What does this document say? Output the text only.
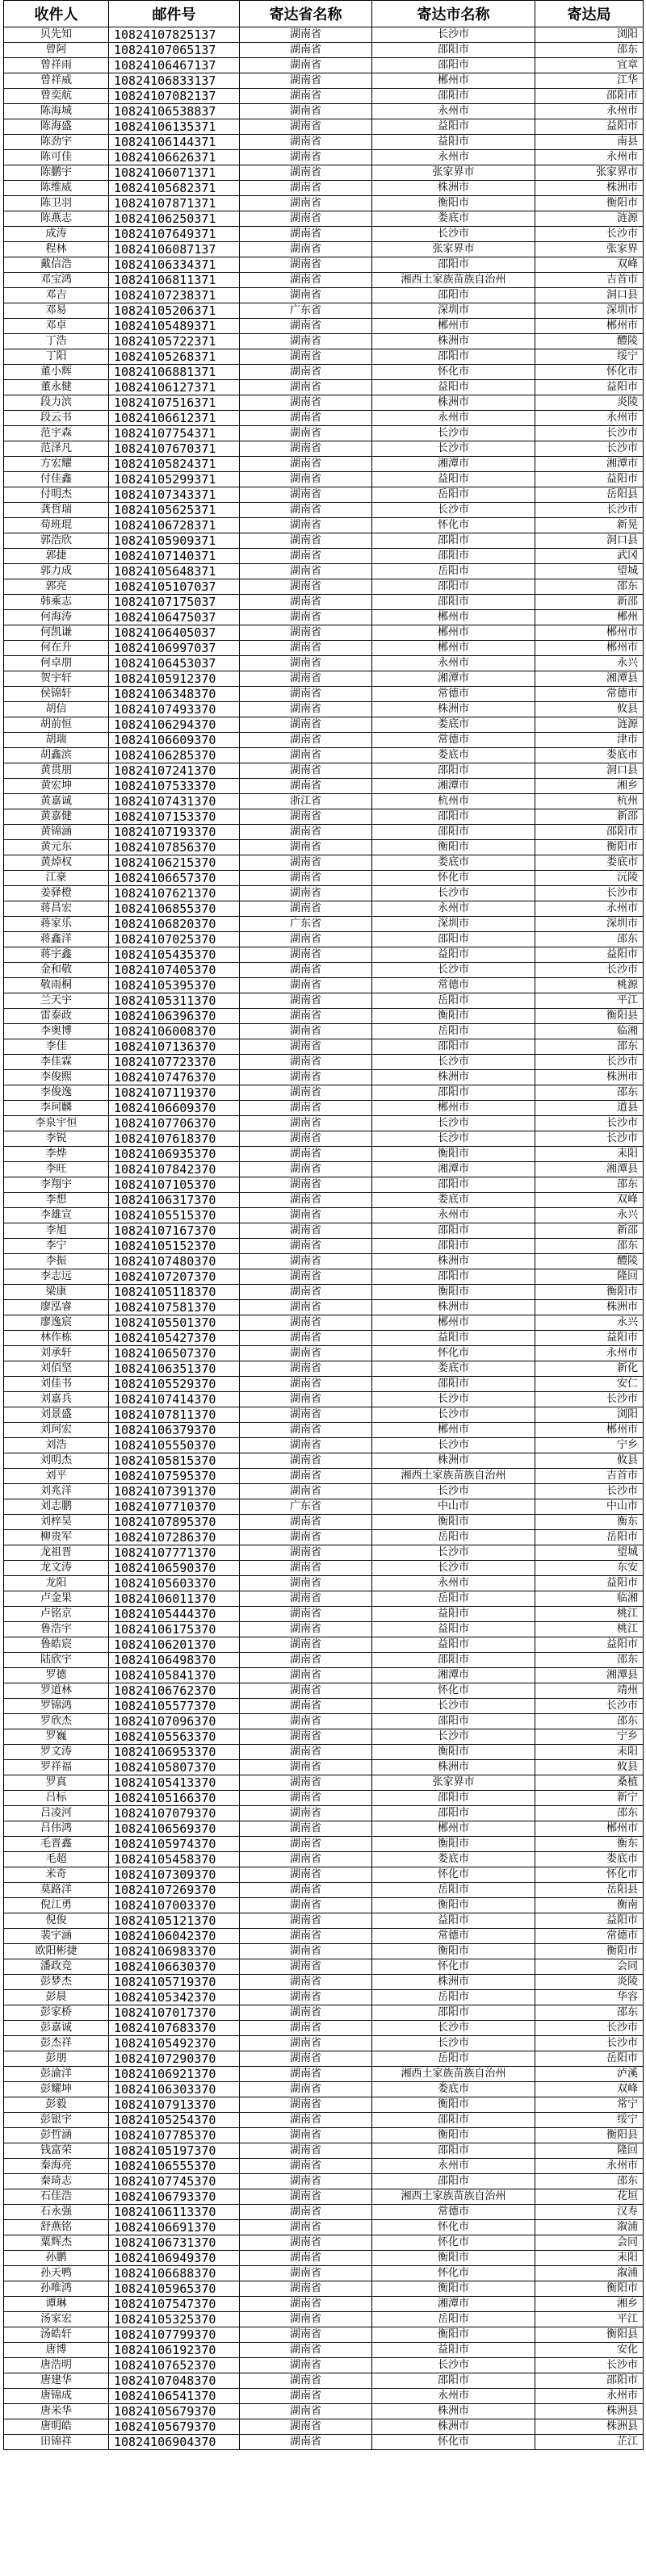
收件人	邮件号	寄达省名称	寄达市名称	寄达局
贝先知	10824107825137	湖南省	长沙市	浏阳
曾阿	10824107065137	湖南省	邵阳市	邵东
曾祥雨	10824106467137	湖南省	邵阳市	宜章
曾祥威	10824106833137	湖南省	郴州市	江华
曾奕航	10824107082137	湖南省	邵阳市	邵阳市
陈海城	10824106538837	湖南省	永州市	永州市
陈海盛	10824106135371	湖南省	益阳市	益阳市
陈劲宇	10824106144371	湖南省	益阳市	南县
陈可佳	10824106626371	湖南省	永州市	永州市
陈鹏宇	10824106071371	湖南省	张家界市	张家界市
陈维威	10824105682371	湖南省	株洲市	株洲市
陈卫羽	10824107871371	湖南省	衡阳市	衡阳市
陈燕志	10824106250371	湖南省	娄底市	涟源
成涛	10824107649371	湖南省	长沙市	长沙市
程林	10824106087137	湖南省	张家界市	张家界
戴信浩	10824106334371	湖南省	邵阳市	双峰
邓宝鸿	10824106811371	湖南省	湘西土家族苗族自治州	吉首市
邓吉	10824107238371	湖南省	邵阳市	洞口县
邓易	10824105206371	广东省	深圳市	深圳市
邓卓	10824105489371	湖南省	郴州市	郴州市
丁浩	10824105722371	湖南省	株洲市	醴陵
丁阳	10824105268371	湖南省	邵阳市	绥宁
董小辉	10824106881371	湖南省	怀化市	怀化市
董永健	10824106127371	湖南省	益阳市	益阳市
段力滨	10824107516371	湖南省	株洲市	炎陵
段云书	10824106612371	湖南省	永州市	永州市
范宇森	10824107754371	湖南省	长沙市	长沙市
范泽凡	10824107670371	湖南省	长沙市	长沙市
方宏耀	10824105824371	湖南省	湘潭市	湘潭市
付佳鑫	10824105299371	湖南省	益阳市	益阳市
付明杰	10824107343371	湖南省	岳阳市	岳阳县
龚哲瑞	10824105625371	湖南省	长沙市	长沙市
苟班琨	10824106728371	湖南省	怀化市	新晃
郭浩欣	10824105909371	湖南省	邵阳市	洞口县
郭捷	10824107140371	湖南省	邵阳市	武冈
郭力成	10824105648371	湖南省	岳阳市	望城
郭亮	10824105107037	湖南省	邵阳市	邵东
韩乘志	10824107175037	湖南省	邵阳市	新邵
何海涛	10824106475037	湖南省	郴州市	郴州
何凯谦	10824106405037	湖南省	郴州市	郴州市
何在升	10824106997037	湖南省	郴州市	郴州市
何卓朋	10824106453037	湖南省	永州市	永兴
贺宇轩	10824105912370	湖南省	湘潭市	湘潭县
侯锦轩	10824106348370	湖南省	常德市	常德市
胡信	10824107493370	湖南省	株洲市	攸县
胡前恒	10824106294370	湖南省	娄底市	涟源
胡瑞	10824106609370	湖南省	常德市	津市
胡鑫滨	10824106285370	湖南省	娄底市	娄底市
黄贯朋	10824107241370	湖南省	邵阳市	洞口县
黄宏坤	10824107533370	湖南省	湘潭市	湘乡
黄嘉诚	10824107431370	浙江省	杭州市	杭州
黄嘉健	10824107153370	湖南省	邵阳市	新邵
黄锦涵	10824107193370	湖南省	邵阳市	邵阳市
黄元东	10824107856370	湖南省	衡阳市	衡阳市
黄焯权	10824106215370	湖南省	娄底市	娄底市
江豪	10824106657370	湖南省	怀化市	沅陵
姜驿橙	10824107621370	湖南省	长沙市	长沙市
蒋昌宏	10824106855370	湖南省	永州市	永州市
蒋家乐	10824106820370	广东省	深圳市	深圳市
蒋鑫洋	10824107025370	湖南省	邵阳市	邵东
蒋宇鑫	10824105435370	湖南省	益阳市	益阳市
金和敬	10824107405370	湖南省	长沙市	长沙市
敬雨桐	10824105395370	湖南省	常德市	桃源
兰天宇	10824105311370	湖南省	岳阳市	平江
雷泰政	10824106396370	湖南省	衡阳市	衡阳县
李奥博	10824106008370	湖南省	岳阳市	临湘
李佳	10824107136370	湖南省	邵阳市	邵东
李佳霖	10824107723370	湖南省	长沙市	长沙市
李俊熙	10824107476370	湖南省	株洲市	株洲市
李俊逸	10824107119370	湖南省	邵阳市	邵东
李珂麟	10824106609370	湖南省	郴州市	道县
李泉宇恒	10824107706370	湖南省	长沙市	长沙市
李锐	10824107618370	湖南省	长沙市	长沙市
李烨	10824106935370	湖南省	衡阳市	耒阳
李旺	10824107842370	湖南省	湘潭市	湘潭县
李翔宇	10824107105370	湖南省	邵阳市	邵东
李想	10824106317370	湖南省	娄底市	双峰
李雄宣	10824105515370	湖南省	永州市	永兴
李旭	10824107167370	湖南省	邵阳市	新邵
李宁	10824105152370	湖南省	邵阳市	邵东
李振	10824107480370	湖南省	株洲市	醴陵
李志远	10824107207370	湖南省	邵阳市	隆回
梁康	10824105118370	湖南省	衡阳市	衡阳市
廖泓睿	10824107581370	湖南省	株洲市	株洲市
廖逸宸	10824105501370	湖南省	郴州市	永兴
林作栋	10824105427370	湖南省	益阳市	益阳市
刘承轩	10824106507370	湖南省	怀化市	永州市
刘佰坚	10824106351370	湖南省	娄底市	新化
刘佳书	10824105529370	湖南省	邵阳市	安仁
刘嘉兵	10824107414370	湖南省	长沙市	长沙市
刘景盛	10824107811370	湖南省	长沙市	浏阳
刘珂宏	10824106379370	湖南省	郴州市	郴州市
刘浩	10824105550370	湖南省	长沙市	宁乡
刘明杰	10824105815370	湖南省	株洲市	攸县
刘平	10824107595370	湖南省	湘西土家族苗族自治州	吉首市
刘兆洋	10824107391370	湖南省	长沙市	长沙市
刘志鹏	10824107710370	广东省	中山市	中山市
刘梓昊	10824107895370	湖南省	衡阳市	衡东
柳贵军	10824107286370	湖南省	岳阳市	岳阳市
龙祖晋	10824107771370	湖南省	长沙市	望城
龙文涛	10824106590370	湖南省	长沙市	东安
龙阳	10824105603370	湖南省	永州市	益阳市
卢金果	10824106011370	湖南省	岳阳市	临湘
卢铭京	10824105444370	湖南省	益阳市	桃江
鲁浩宇	10824106175370	湖南省	益阳市	桃江
鲁皓宸	10824106201370	湖南省	益阳市	益阳市
陆欣宇	10824106498370	湖南省	邵阳市	邵东
罗德	10824105841370	湖南省	湘潭市	湘潭县
罗道林	10824106762370	湖南省	怀化市	靖州
罗锦鸿	10824105577370	湖南省	长沙市	长沙市
罗欣杰	10824107096370	湖南省	邵阳市	邵东
罗巍	10824105563370	湖南省	长沙市	宁乡
罗文涛	10824106953370	湖南省	衡阳市	耒阳
罗祥福	10824105807370	湖南省	株洲市	攸县
罗真	10824105413370	湖南省	张家界市	桑植
吕标	10824105166370	湖南省	邵阳市	新宁
吕凌河	10824107079370	湖南省	邵阳市	邵东
吕伟鸿	10824106569370	湖南省	郴州市	郴州市
毛晋鑫	10824105974370	湖南省	衡阳市	衡东
毛超	10824105458370	湖南省	娄底市	娄底市
米奇	10824107309370	湖南省	怀化市	怀化市
莫路洋	10824107269370	湖南省	岳阳市	岳阳县
倪江勇	10824107003370	湖南省	衡阳市	衡南
倪俊	10824105121370	湖南省	益阳市	益阳市
裴宇涵	10824106042370	湖南省	常德市	常德市
欧阳彬捷	10824106983370	湖南省	衡阳市	衡阳市
潘政竞	10824106630370	湖南省	怀化市	会同
彭梦杰	10824105719370	湖南省	株洲市	炎陵
彭晨	10824105342370	湖南省	岳阳市	华容
彭家桥	10824107017370	湖南省	邵阳市	邵东
彭嘉诚	10824107683370	湖南省	长沙市	长沙市
彭杰祥	10824105492370	湖南省	长沙市	长沙市
彭朋	10824107290370	湖南省	岳阳市	岳阳市
彭渝洋	10824106921370	湖南省	湘西土家族苗族自治州	泸溪
彭耀坤	10824106303370	湖南省	娄底市	双峰
彭毅	10824107913370	湖南省	衡阳市	常宁
彭银宇	10824105254370	湖南省	邵阳市	绥宁
彭哲涵	10824107785370	湖南省	衡阳市	衡阳县
钱富荣	10824105197370	湖南省	邵阳市	隆回
秦海亮	10824106555370	湖南省	永州市	永州市
秦琦志	10824107745370	湖南省	邵阳市	邵东
石佳浩	10824106793370	湖南省	湘西土家族苗族自治州	花垣
石永强	10824106113370	湖南省	常德市	汉寿
舒燕铭	10824106691370	湖南省	怀化市	溆浦
粟辉杰	10824106731370	湖南省	怀化市	会同
孙鹏	10824106949370	湖南省	衡阳市	耒阳
孙天鸭	10824106688370	湖南省	怀化市	溆浦
孙唯鸿	10824105965370	湖南省	衡阳市	衡阳市
谭琳	10824107547370	湖南省	湘潭市	湘乡
汤家宏	10824105325370	湖南省	岳阳市	平江
汤皓轩	10824107799370	湖南省	衡阳市	衡阳县
唐博	10824106192370	湖南省	益阳市	安化
唐浩明	10824107652370	湖南省	长沙市	长沙市
唐建华	10824107048370	湖南省	邵阳市	邵阳市
唐锦成	10824106541370	湖南省	永州市	永州市
唐米华	10824105679370	湖南省	株洲市	株洲县
唐明皓	10824105679370	湖南省	株洲市	株洲县
田锦祥	10824106904370	湖南省	怀化市	芷江
